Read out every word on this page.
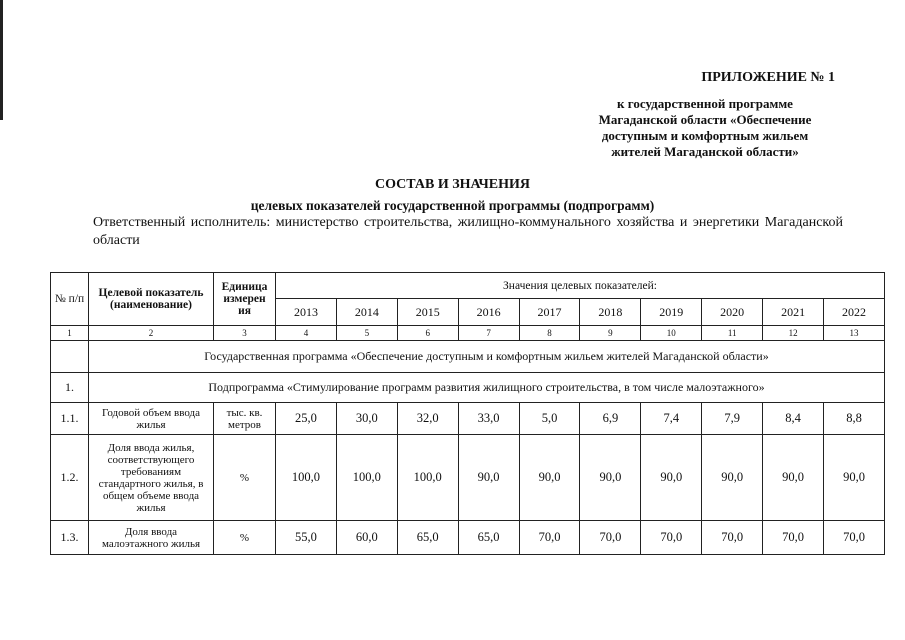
ПРИЛОЖЕНИЕ № 1
к государственной программе
Магаданской области «Обеспечение
доступным и комфортным жильем
жителей Магаданской области»
СОСТАВ И ЗНАЧЕНИЯ
целевых показателей государственной программы (подпрограмм)
Ответственный исполнитель: министерство строительства, жилищно-коммунального хозяйства и энергетики Магаданской области
№ п/п	Целевой показатель (наименование)	Единица измерен ия	Значения целевых показателей:									
			2013	2014	2015	2016	2017	2018	2019	2020	2021	2022
1	2	3	4	5	6	7	8	9	10	11	12	13
	Государственная программа «Обеспечение доступным и комфортным жильем жителей Магаданской области»											
1.	Подпрограмма «Стимулирование программ развития жилищного строительства, в том числе малоэтажного»											
1.1.	Годовой объем ввода жилья	тыс. кв. метров	25,0	30,0	32,0	33,0	5,0	6,9	7,4	7,9	8,4	8,8
1.2.	Доля ввода жилья, соответствующего требованиям стандартного жилья, в общем объеме ввода жилья	%	100,0	100,0	100,0	90,0	90,0	90,0	90,0	90,0	90,0	90,0
1.3.	Доля ввода малоэтажного жилья	%	55,0	60,0	65,0	65,0	70,0	70,0	70,0	70,0	70,0	70,0
